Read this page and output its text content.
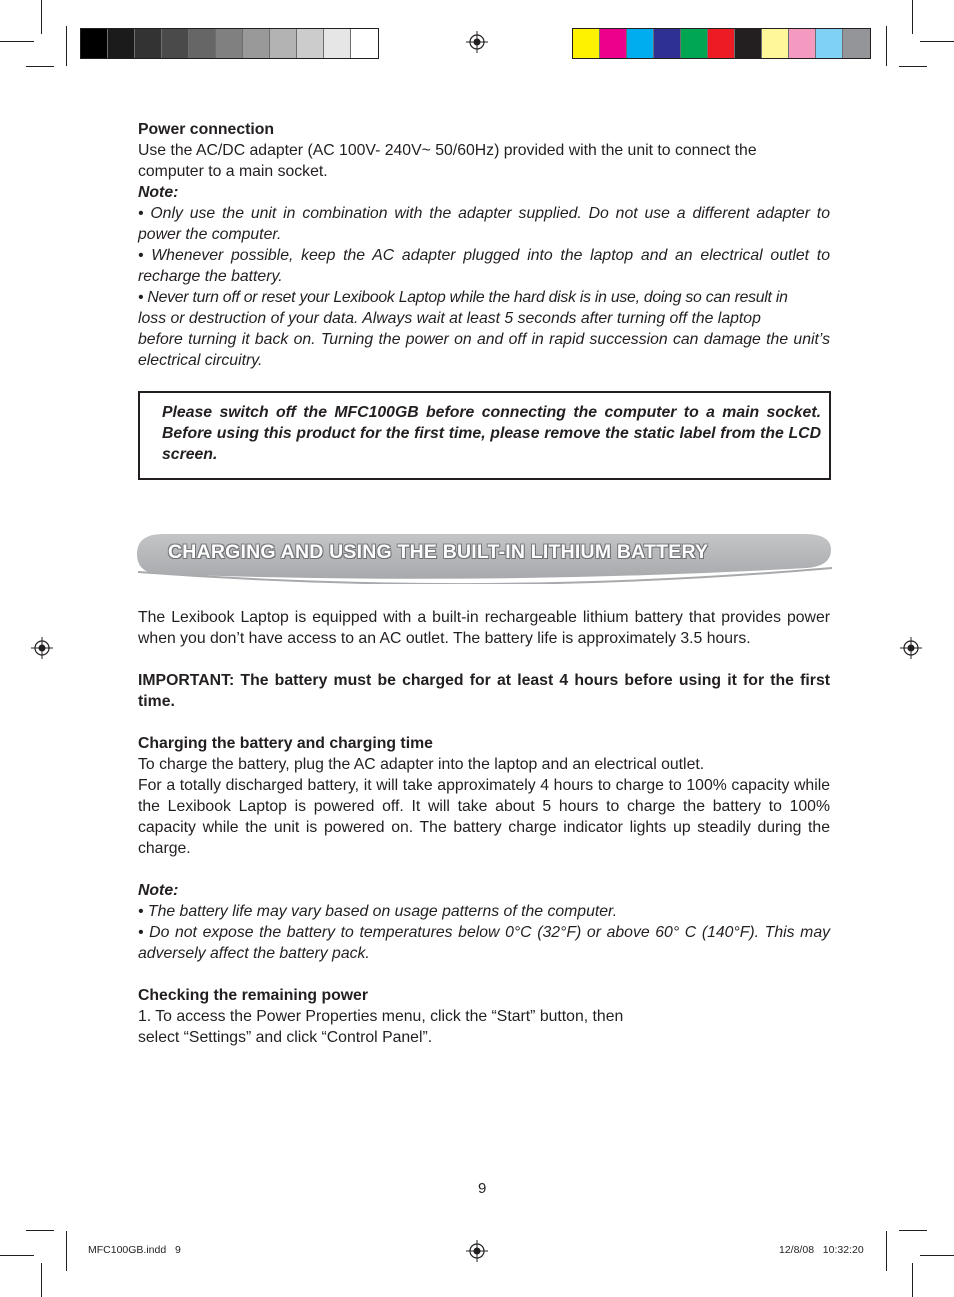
Power connection

Use the AC/DC adapter (AC 100V- 240V~ 50/60Hz) provided with the unit to connect the

computer to a main socket.

Note:

• Only use the unit in combination with the adapter supplied. Do not use a different adapter to power the computer.

• Whenever possible, keep the AC adapter plugged into the laptop and an electrical outlet to recharge the battery.

• Never turn off or reset your Lexibook Laptop while the hard disk is in use, doing so can result in

loss or destruction of your data. Always wait at least 5 seconds after turning off the laptop

before turning it back on. Turning the power on and off in rapid succession can damage the unit’s electrical circuitry.

Please switch off the MFC100GB before connecting the computer to a main socket. Before using this product for the first time, please remove the static label from the LCD screen.
CHARGING AND USING THE BUILT-IN LITHIUM BATTERY

The Lexibook Laptop is equipped with a built-in rechargeable lithium battery that provides power when you don’t have access to an AC outlet. The battery life is approximately 3.5 hours.

IMPORTANT: The battery must be charged for at least 4 hours before using it for the first time.

Charging the battery and charging time

To charge the battery, plug the AC adapter into the laptop and an electrical outlet.

For a totally discharged battery, it will take approximately 4 hours to charge to 100% capacity while the Lexibook Laptop is powered off. It will take about 5 hours to charge the battery to 100% capacity while the unit is powered on. The battery charge indicator lights up steadily during the charge.

Note:

• The battery life may vary based on usage patterns of the computer.

• Do not expose the battery to temperatures below 0°C (32°F) or above 60° C (140°F). This may adversely affect the battery pack.

Checking the remaining power

1. To access the Power Properties menu, click the “Start” button, then

select “Settings” and click “Control Panel”.

9
MFC100GB.indd   9	12/8/08   10:32:20
